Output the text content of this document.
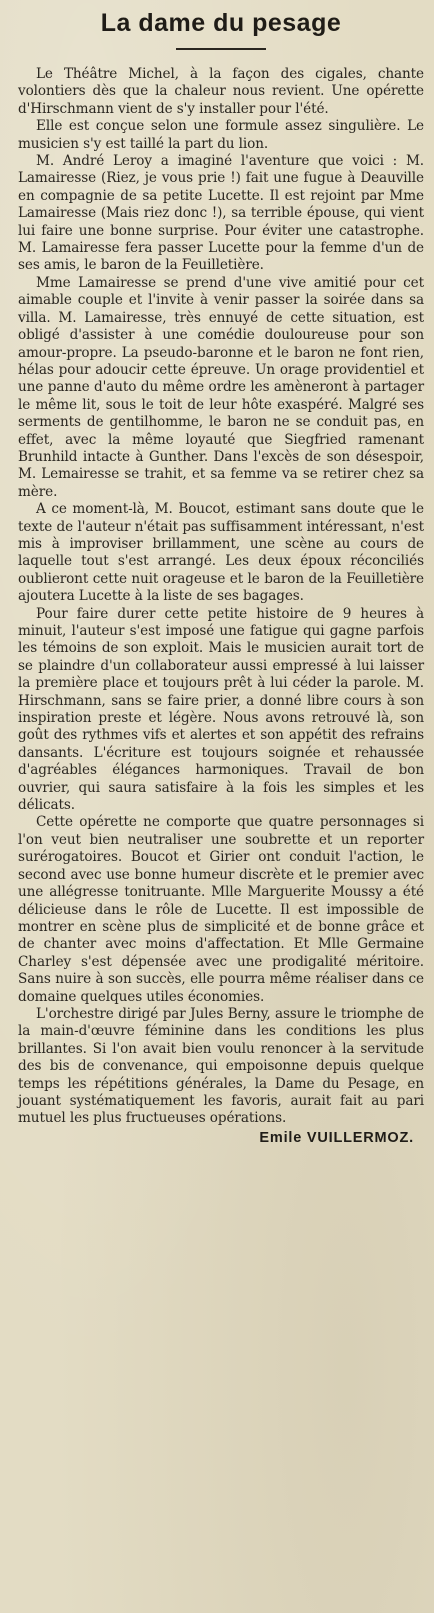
La dame du pesage

Le Théâtre Michel, à la façon des cigales, chante volontiers dès que la chaleur nous revient. Une opérette d'Hirschmann vient de s'y installer pour l'été.

Elle est conçue selon une formule assez singulière. Le musicien s'y est taillé la part du lion.

M. André Leroy a imaginé l'aventure que voici : M. Lamairesse (Riez, je vous prie !) fait une fugue à Deauville en compagnie de sa petite Lucette. Il est rejoint par Mme Lamairesse (Mais riez donc !), sa terrible épouse, qui vient lui faire une bonne surprise. Pour éviter une catastrophe. M. Lamairesse fera passer Lucette pour la femme d'un de ses amis, le baron de la Feuilletière.

Mme Lamairesse se prend d'une vive amitié pour cet aimable couple et l'invite à venir passer la soirée dans sa villa. M. Lamairesse, très ennuyé de cette situation, est obligé d'assister à une comédie douloureuse pour son amour-propre. La pseudo-baronne et le baron ne font rien, hélas pour adoucir cette épreuve. Un orage providentiel et une panne d'auto du même ordre les amèneront à partager le même lit, sous le toit de leur hôte exaspéré. Malgré ses serments de gentilhomme, le baron ne se conduit pas, en effet, avec la même loyauté que Siegfried ramenant Brunhild intacte à Gunther. Dans l'excès de son désespoir, M. Lemairesse se trahit, et sa femme va se retirer chez sa mère.

A ce moment-là, M. Boucot, estimant sans doute que le texte de l'auteur n'était pas suffisamment intéressant, n'est mis à improviser brillamment, une scène au cours de laquelle tout s'est arrangé. Les deux époux réconciliés oublieront cette nuit orageuse et le baron de la Feuilletière ajoutera Lucette à la liste de ses bagages.

Pour faire durer cette petite histoire de 9 heures à minuit, l'auteur s'est imposé une fatigue qui gagne parfois les témoins de son exploit. Mais le musicien aurait tort de se plaindre d'un collaborateur aussi empressé à lui laisser la première place et toujours prêt à lui céder la parole. M. Hirschmann, sans se faire prier, a donné libre cours à son inspiration preste et légère. Nous avons retrouvé là, son goût des rythmes vifs et alertes et son appétit des refrains dansants. L'écriture est toujours soignée et rehaussée d'agréables élégances harmoniques. Travail de bon ouvrier, qui saura satisfaire à la fois les simples et les délicats.

Cette opérette ne comporte que quatre personnages si l'on veut bien neutraliser une soubrette et un reporter surérogatoires. Boucot et Girier ont conduit l'action, le second avec use bonne humeur discrète et le premier avec une allégresse tonitruante. Mlle Marguerite Moussy a été délicieuse dans le rôle de Lucette. Il est impossible de montrer en scène plus de simplicité et de bonne grâce et de chanter avec moins d'affectation. Et Mlle Germaine Charley s'est dépensée avec une prodigalité méritoire. Sans nuire à son succès, elle pourra même réaliser dans ce domaine quelques utiles économies.

L'orchestre dirigé par Jules Berny, assure le triomphe de la main-d'œuvre féminine dans les conditions les plus brillantes. Si l'on avait bien voulu renoncer à la servitude des bis de convenance, qui empoisonne depuis quelque temps les répétitions générales, la Dame du Pesage, en jouant systématiquement les favoris, aurait fait au pari mutuel les plus fructueuses opérations.

Emile VUILLERMOZ.
